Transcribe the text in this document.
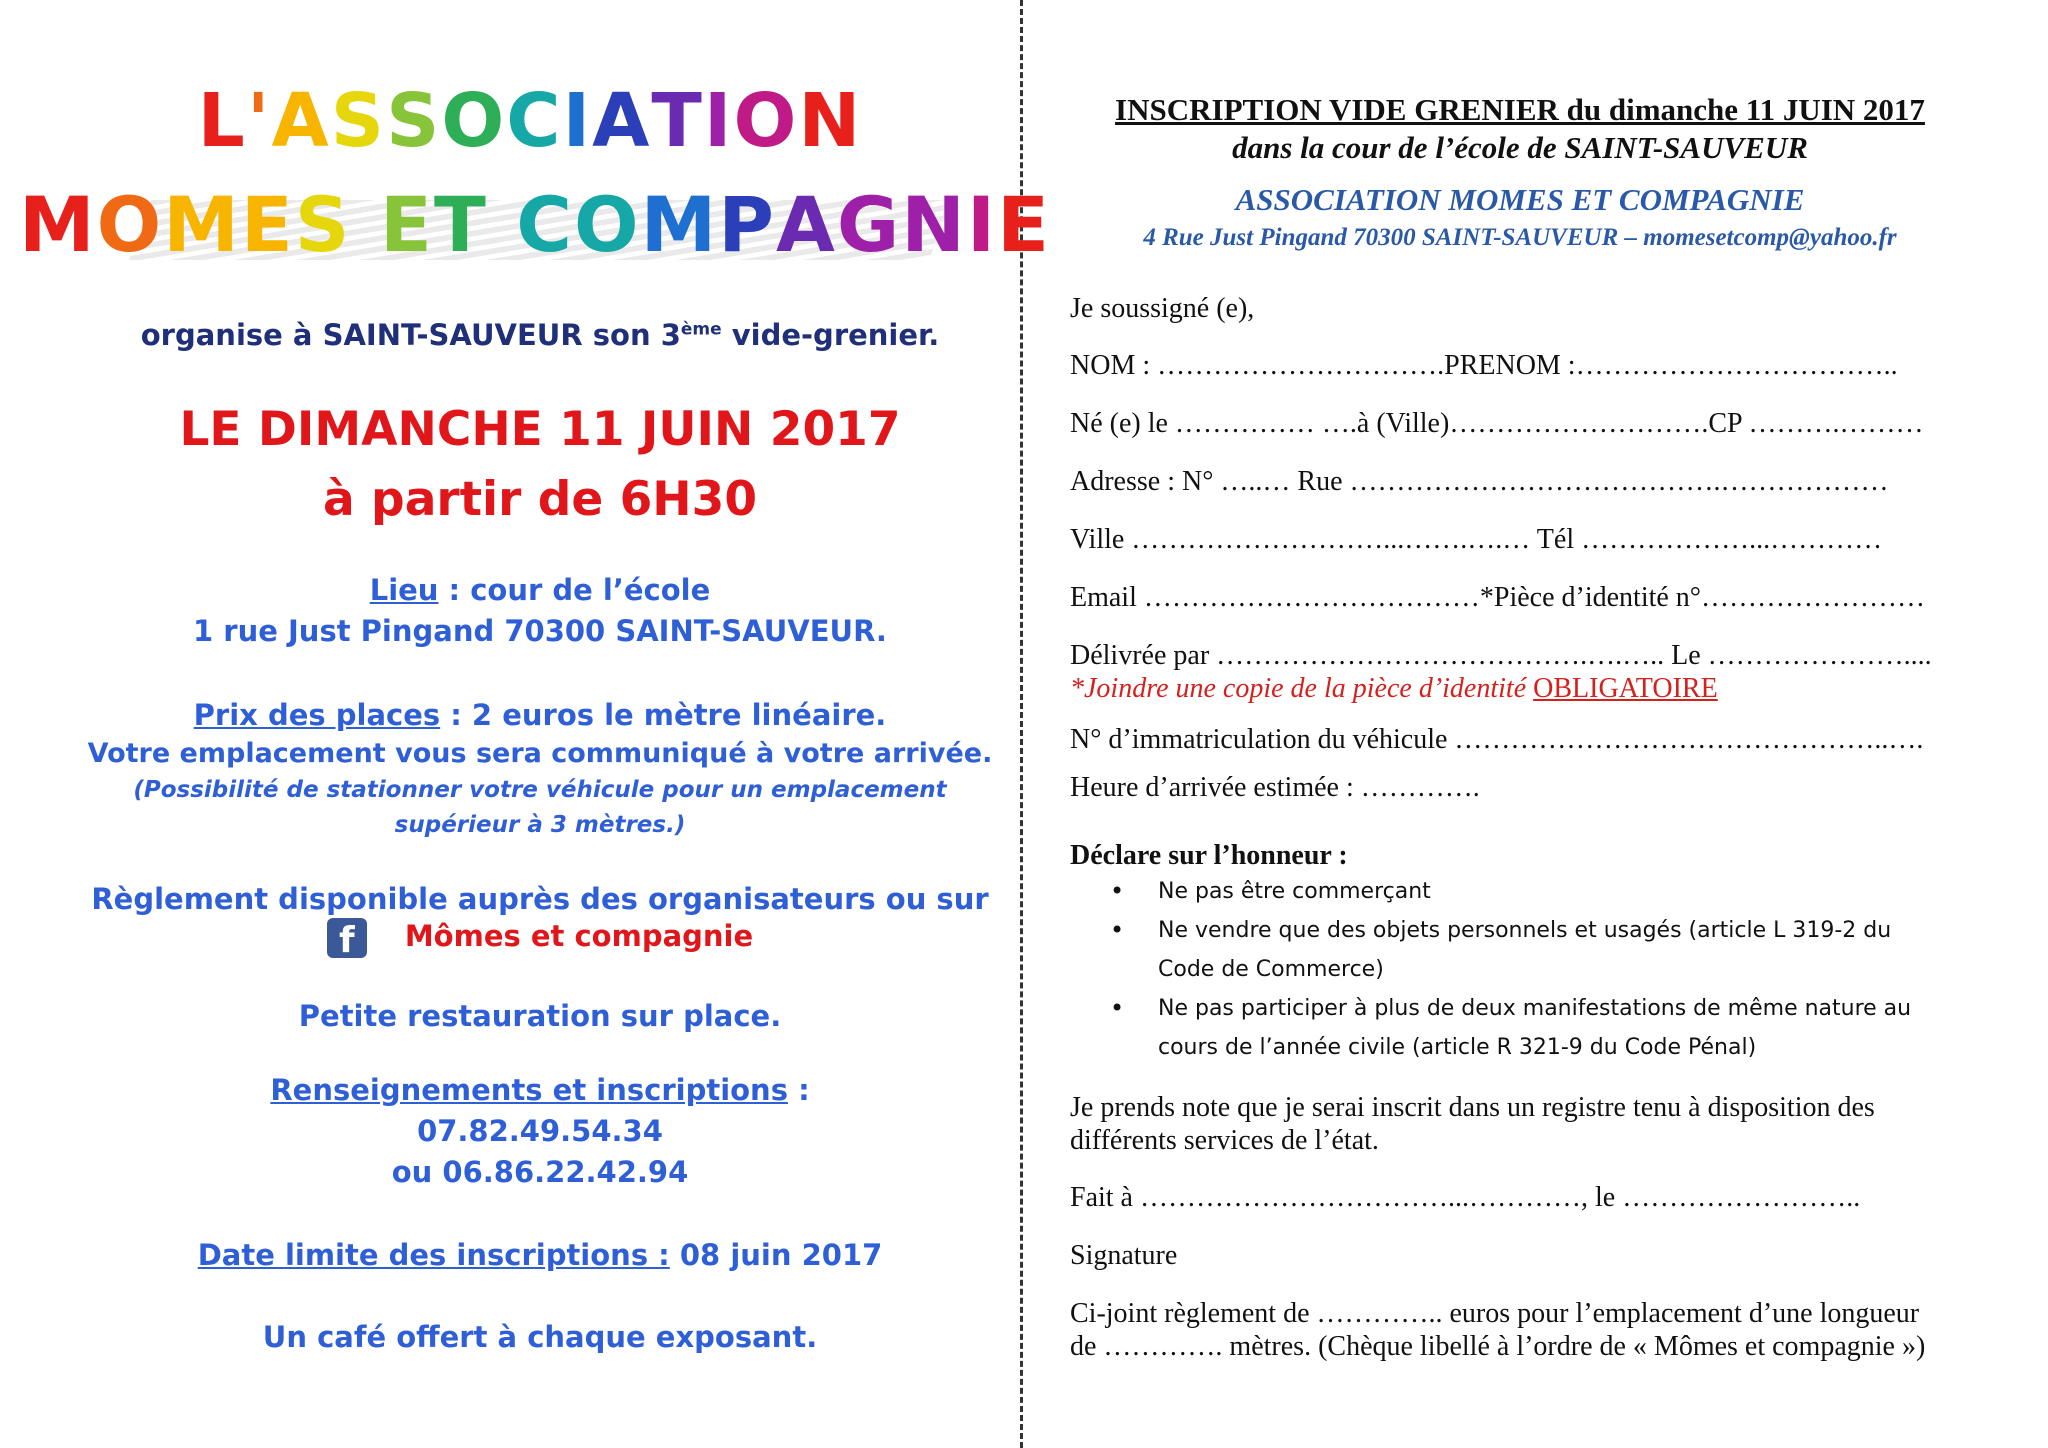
L'ASSOCIATION
MOMES ET COMPAGNIE
organise à SAINT-SAUVEUR son 3ème vide-grenier.
LE DIMANCHE 11 JUIN 2017
à partir de 6H30
Lieu : cour de l’école
1 rue Just Pingand 70300 SAINT-SAUVEUR.
Prix des places : 2 euros le mètre linéaire.
Votre emplacement vous sera communiqué à votre arrivée.
(Possibilité de stationner votre véhicule pour un emplacement
supérieur à 3 mètres.)
Règlement disponible auprès des organisateurs ou sur
f Mômes et compagnie
Petite restauration sur place.
Renseignements et inscriptions :
07.82.49.54.34
ou 06.86.22.42.94
Date limite des inscriptions : 08 juin 2017
Un café offert à chaque exposant.
INSCRIPTION VIDE GRENIER du dimanche 11 JUIN 2017
dans la cour de l’école de SAINT-SAUVEUR
ASSOCIATION MOMES ET COMPAGNIE
4 Rue Just Pingand 70300 SAINT-SAUVEUR – momesetcomp@yahoo.fr
Je soussigné (e),
NOM : ………………………….PRENOM :……………………………..
Né (e) le …………… ….à (Ville)……………………….CP ……….………
Adresse : N° …..… Rue ………………………………….………………
Ville ………………………...…….….… Tél ………………...…………
Email ………………………………*Pièce d’identité n°……………………
Délivrée par ………………………………….….….. Le …………………....
*Joindre une copie de la pièce d’identité OBLIGATOIRE
N° d’immatriculation du véhicule ………………………………………..….
Heure d’arrivée estimée : ………….
Déclare sur l’honneur :
•	Ne pas être commerçant
•	Ne vendre que des objets personnels et usagés (article L 319-2 du Code de Commerce)
•	Ne pas participer à plus de deux manifestations de même nature au cours de l’année civile (article R 321-9 du Code Pénal)
Je prends note que je serai inscrit dans un registre tenu à disposition des
différents services de l’état.
Fait à ……………………………...…………, le ……………………..
Signature
Ci-joint règlement de ………….. euros pour l’emplacement d’une longueur
de …………. mètres. (Chèque libellé à l’ordre de « Mômes et compagnie »)
